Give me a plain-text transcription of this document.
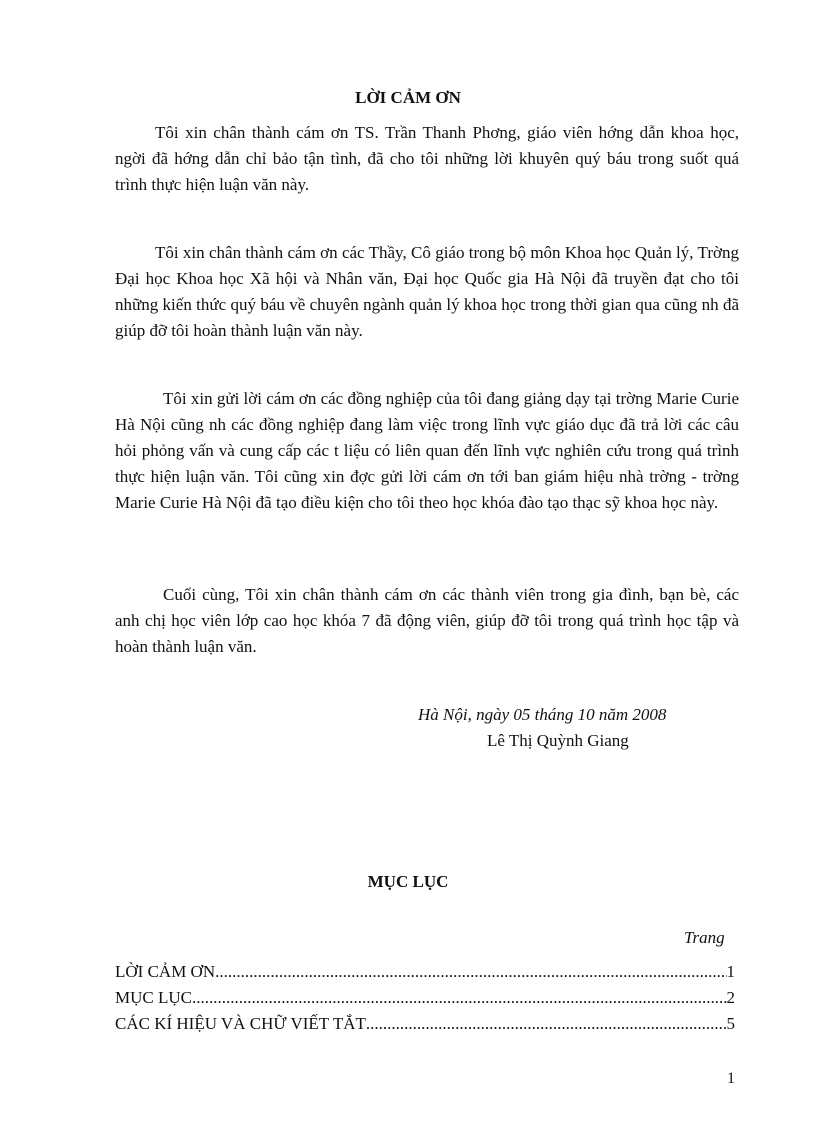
LỜI CẢM ƠN

Tôi xin chân thành cám ơn TS. Trần Thanh Phơng, giáo viên hớng dẫn khoa học, ngời đã hớng dẫn chỉ bảo tận tình, đã cho tôi những lời khuyên quý báu trong suốt quá trình thực hiện luận văn này.

Tôi xin chân thành cám ơn các Thầy, Cô giáo trong bộ môn Khoa học Quản lý, Trờng Đại học Khoa học Xã hội và Nhân văn, Đại học Quốc gia Hà Nội đã truyền đạt cho tôi những kiến thức quý báu về chuyên ngành quản lý khoa học trong thời gian qua cũng nh đã giúp đỡ tôi hoàn thành luận văn này.

Tôi xin gửi lời cám ơn các đồng nghiệp của tôi đang giảng dạy tại trờng Marie Curie Hà Nội cũng nh các đồng nghiệp đang làm việc trong lĩnh vực giáo dục đã trả lời các câu hỏi phỏng vấn và cung cấp các t liệu có liên quan đến lĩnh vực nghiên cứu trong quá trình thực hiện luận văn. Tôi cũng xin đợc gửi lời cám ơn tới ban giám hiệu nhà trờng - trờng Marie Curie Hà Nội đã tạo điều kiện cho tôi theo học khóa đào tạo thạc sỹ khoa học này.

Cuối cùng, Tôi xin chân thành cám ơn các thành viên trong gia đình, bạn bè, các anh chị học viên lớp cao học khóa 7 đã động viên, giúp đỡ tôi trong quá trình học tập và hoàn thành luận văn.

Hà Nội, ngày 05 tháng 10 năm 2008
Lê Thị Quỳnh Giang
MỤC LỤC
Trang
LỜI CẢM ƠN .....	1
MỤC LỤC .....	2
CÁC KÍ HIỆU VÀ CHỮ VIẾT TẮT .....	5
1
